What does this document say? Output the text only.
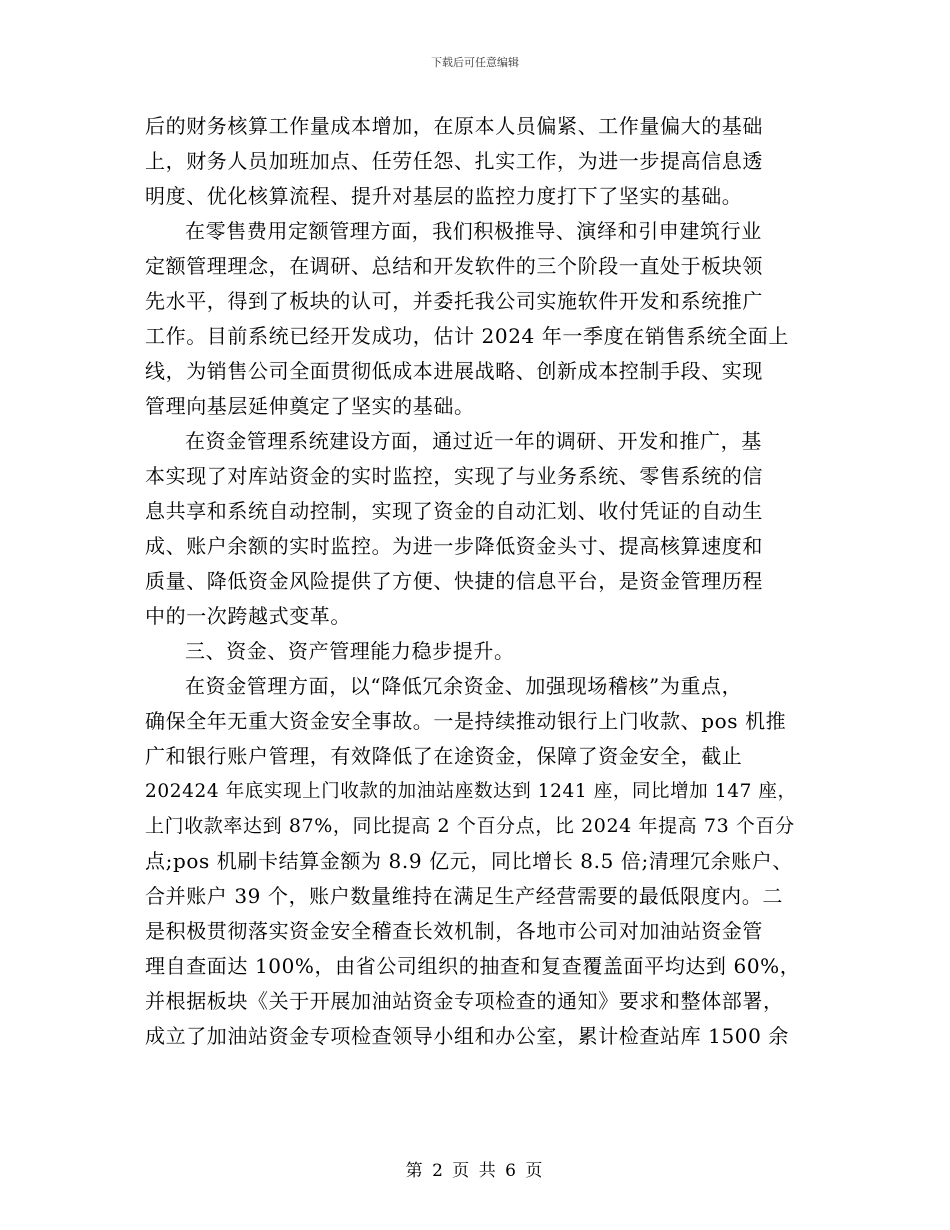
下载后可任意编辑
后的财务核算工作量成本增加，在原本人员偏紧、工作量偏大的基础
上，财务人员加班加点、任劳任怨、扎实工作，为进一步提高信息透
明度、优化核算流程、提升对基层的监控力度打下了坚实的基础。
在零售费用定额管理方面，我们积极推导、演绎和引申建筑行业
定额管理理念，在调研、总结和开发软件的三个阶段一直处于板块领
先水平，得到了板块的认可，并委托我公司实施软件开发和系统推广
工作。目前系统已经开发成功，估计 2024 年一季度在销售系统全面上
线，为销售公司全面贯彻低成本进展战略、创新成本控制手段、实现
管理向基层延伸奠定了坚实的基础。
在资金管理系统建设方面，通过近一年的调研、开发和推广，基
本实现了对库站资金的实时监控，实现了与业务系统、零售系统的信
息共享和系统自动控制，实现了资金的自动汇划、收付凭证的自动生
成、账户余额的实时监控。为进一步降低资金头寸、提高核算速度和
质量、降低资金风险提供了方便、快捷的信息平台，是资金管理历程
中的一次跨越式变革。
三、资金、资产管理能力稳步提升。
在资金管理方面，以“降低冗余资金、加强现场稽核”为重点，
确保全年无重大资金安全事故。一是持续推动银行上门收款、pos 机推
广和银行账户管理，有效降低了在途资金，保障了资金安全，截止
202424 年底实现上门收款的加油站座数达到 1241 座，同比增加 147 座，
上门收款率达到 87%，同比提高 2 个百分点，比 2024 年提高 73 个百分
点;pos 机刷卡结算金额为 8.9 亿元，同比增长 8.5 倍;清理冗余账户、
合并账户 39 个，账户数量维持在满足生产经营需要的最低限度内。二
是积极贯彻落实资金安全稽查长效机制，各地市公司对加油站资金管
理自查面达 100%，由省公司组织的抽查和复查覆盖面平均达到 60%，
并根据板块《关于开展加油站资金专项检查的通知》要求和整体部署，
成立了加油站资金专项检查领导小组和办公室，累计检查站库 1500 余
第 2 页 共 6 页
